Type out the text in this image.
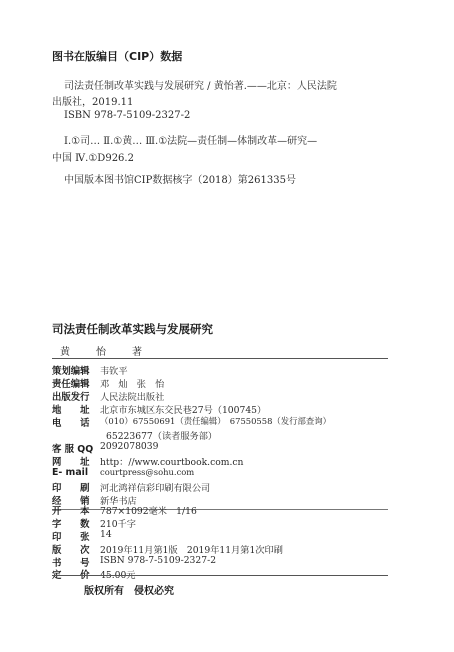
图书在版编目（CIP）数据
司法责任制改革实践与发展研究 / 黄怡著.——北京：人民法院
出版社，2019.11
ISBN 978-7-5109-2327-2
Ⅰ.①司… Ⅱ.①黄… Ⅲ.①法院—责任制—体制改革—研究—
中国 Ⅳ.①D926.2
中国版本图书馆CIP数据核字（2018）第261335号
司法责任制改革实践与发展研究
黄　怡　著
策划编辑 韦钦平
责任编辑 邓　灿　张　怡
出版发行 人民法院出版社
地　　址 北京市东城区东交民巷27号（100745）
电　　话 （010）67550691（责任编辑）　67550558（发行部查询）
65223677（读者服务部）
客 服 QQ 2092078039
网　　址 http：//www.courtbook.com.cn
E- mail courtpress@sohu.com
印　　刷 河北鸿祥信彩印刷有限公司
经　　销 新华书店
开　　本 787×1092毫米　1/16
字　　数 210千字
印　　张 14
版　　次 2019年11月第1版　2019年11月第1次印刷
书　　号 ISBN 978-7-5109-2327-2
定　　价 45.00元
版权所有　侵权必究
